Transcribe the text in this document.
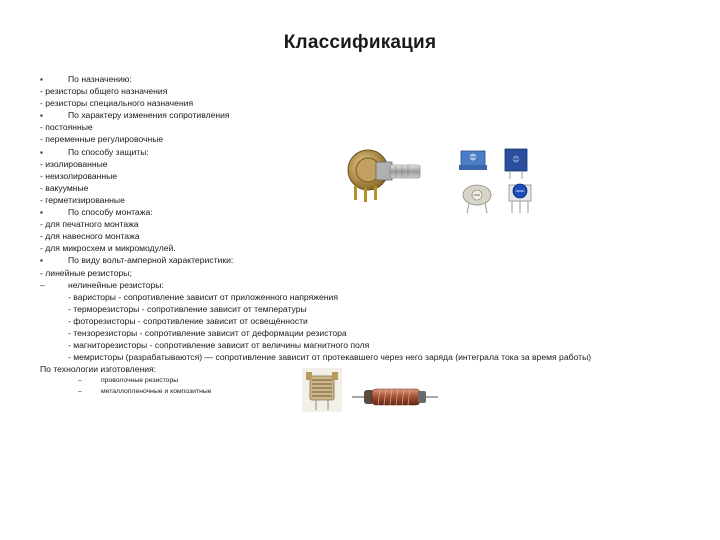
Классификация
▪По назначению:
- резисторы общего назначения
- резисторы специального назначения
▪По характеру изменения сопротивления
- постоянные
- переменные регулировочные
▪По способу защиты:
- изолированные
- неизолированные
- вакуумные
- герметизированные
▪По способу монтажа:
- для печатного монтажа
- для навесного монтажа
- для микросхем и микромодулей.
▪По виду вольт-амперной характеристики:
- линейные резисторы;
–	нелинейные резисторы:
- варисторы - сопротивление зависит от приложенного напряжения
- терморезисторы - сопротивление зависит от температуры
- фоторезисторы - сопротивление зависит от освещённости
- тензорезисторы - сопротивление зависит от деформации резистора
- магниторезисторы - сопротивление зависит от величины магнитного поля
- мемристоры (разрабатываются) — сопротивление зависит от протекавшего через него заряда (интеграла тока за время работы)
По технологии изготовления:
–	проволочные резисторы
–	металлопленочные и композитные
